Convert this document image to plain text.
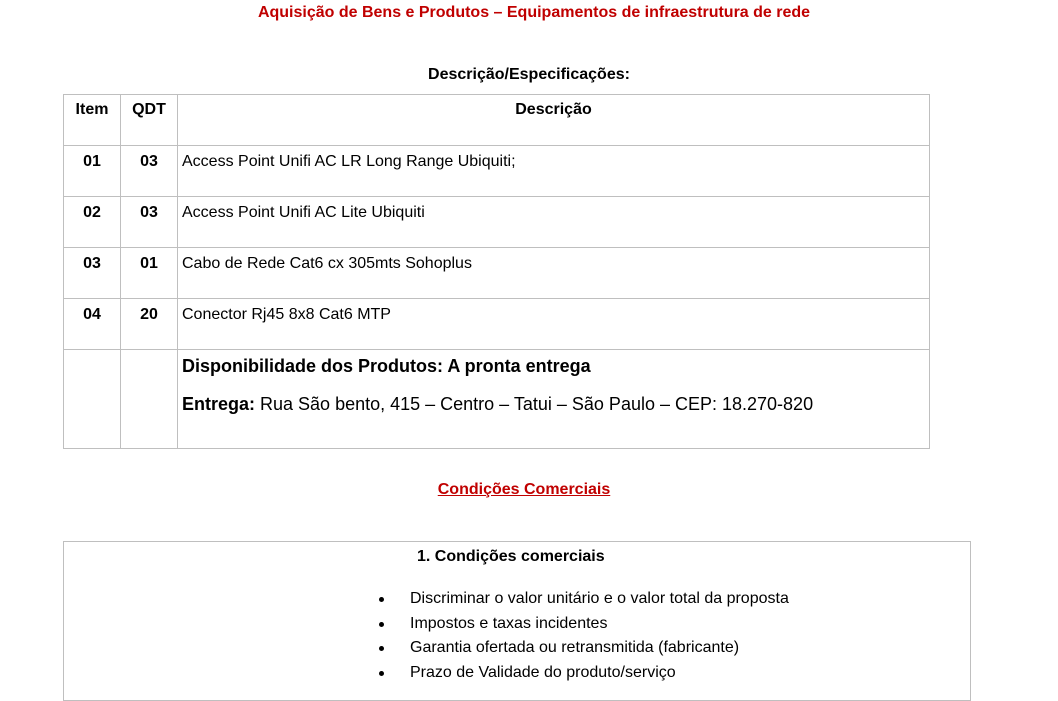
Aquisição de Bens e Produtos – Equipamentos de infraestrutura de rede
Descrição/Especificações:
Item	QDT	Descrição
01	03	Access Point Unifi AC LR Long Range Ubiquiti;
02	03	Access Point Unifi AC Lite Ubiquiti
03	01	Cabo de Rede Cat6 cx 305mts Sohoplus
04	20	Conector Rj45 8x8 Cat6 MTP

		Disponibilidade dos Produtos: A pronta entrega
Entrega: Rua São bento, 415 – Centro – Tatui – São Paulo – CEP: 18.270-820
Condições Comerciais
1. Condições comerciais
Discriminar o valor unitário e o valor total da proposta
Impostos e taxas incidentes
Garantia ofertada ou retransmitida (fabricante)
Prazo de Validade do produto/serviço
